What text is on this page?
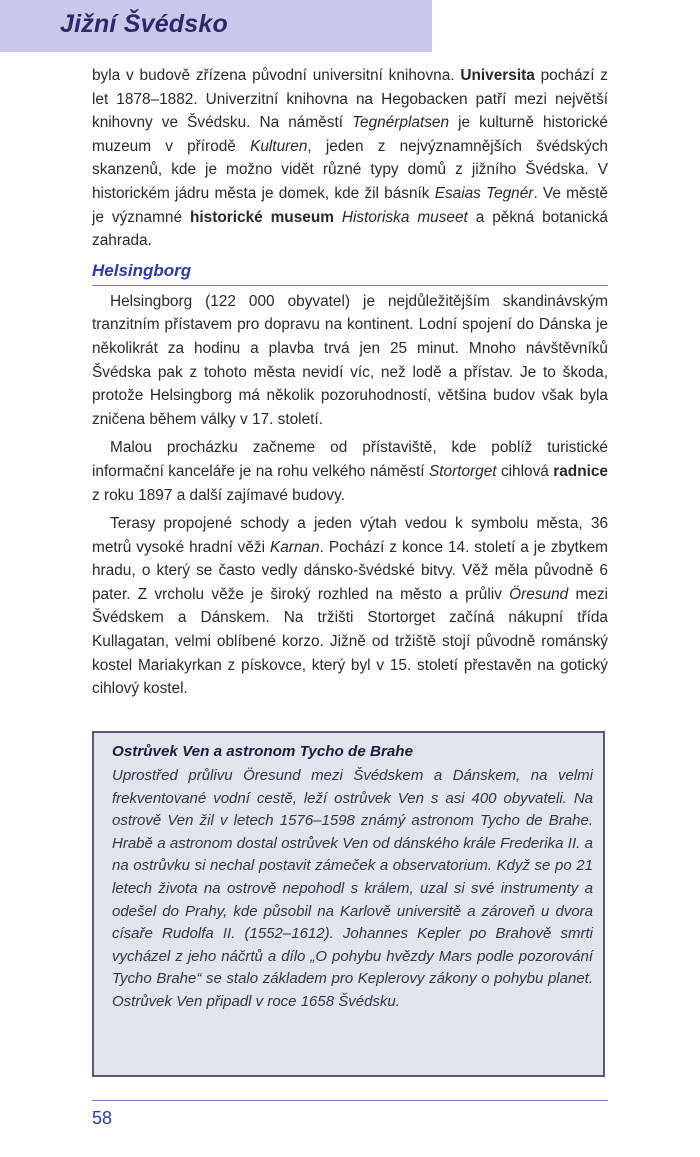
Jižní Švédsko

byla v budově zřízena původní universitní knihovna. Universita pochází z let 1878–1882. Univerzitní knihovna na Hegobacken patří mezi největší knihovny ve Švédsku. Na náměstí Tegnérplatsen je kulturně historické muzeum v přírodě Kulturen, jeden z nejvýznamnějších švédských skanzenů, kde je možno vidět různé typy domů z jižního Švédska. V historickém jádru města je domek, kde žil básník Esaias Tegnér. Ve městě je významné historické museum Historiska museet a pěkná botanická zahrada.

Helsingborg

Helsingborg (122 000 obyvatel) je nejdůležitějším skandinávským tranzitním přístavem pro dopravu na kontinent. Lodní spojení do Dánska je několikrát za hodinu a plavba trvá jen 25 minut. Mnoho návštěvníků Švédska pak z tohoto města nevidí víc, než lodě a přístav. Je to škoda, protože Helsingborg má několik pozoruhodností, většina budov však byla zničena během války v 17. století.

Malou procházku začneme od přístaviště, kde poblíž turistické informační kanceláře je na rohu velkého náměstí Stortorget cihlová radnice z roku 1897 a další zajímavé budovy.

Terasy propojené schody a jeden výtah vedou k symbolu města, 36 metrů vysoké hradní věži Karnan. Pochází z konce 14. století a je zbytkem hradu, o který se často vedly dánsko-švédské bitvy. Věž měla původně 6 pater. Z vrcholu věže je široký rozhled na město a průliv Öresund mezi Švédskem a Dánskem. Na tržišti Stortorget začíná nákupní třída Kullagatan, velmi oblíbené korzo. Jižně od tržiště stojí původně románský kostel Mariakyrkan z pískovce, který byl v 15. století přestavěn na gotický cihlový kostel.

Ostrůvek Ven a astronom Tycho de Brahe
Uprostřed průlivu Öresund mezi Švédskem a Dánskem, na velmi frekventované vodní cestě, leží ostrůvek Ven s asi 400 obyvateli. Na ostrově Ven žil v letech 1576–1598 známý astronom Tycho de Brahe. Hrabě a astronom dostal ostrůvek Ven od dánského krále Frederika II. a na ostrůvku si nechal postavit zámeček a observatorium. Když se po 21 letech života na ostrově nepohodl s králem, uzal si své instrumenty a odešel do Prahy, kde působil na Karlově universitě a zároveň u dvora císaře Rudolfa II. (1552–1612). Johannes Kepler po Brahově smrti vycházel z jeho náčrtů a dílo „O pohybu hvězdy Mars podle pozorování Tycho Brahe“ se stalo základem pro Keplerovy zákony o pohybu planet. Ostrůvek Ven připadl v roce 1658 Švédsku.
58
